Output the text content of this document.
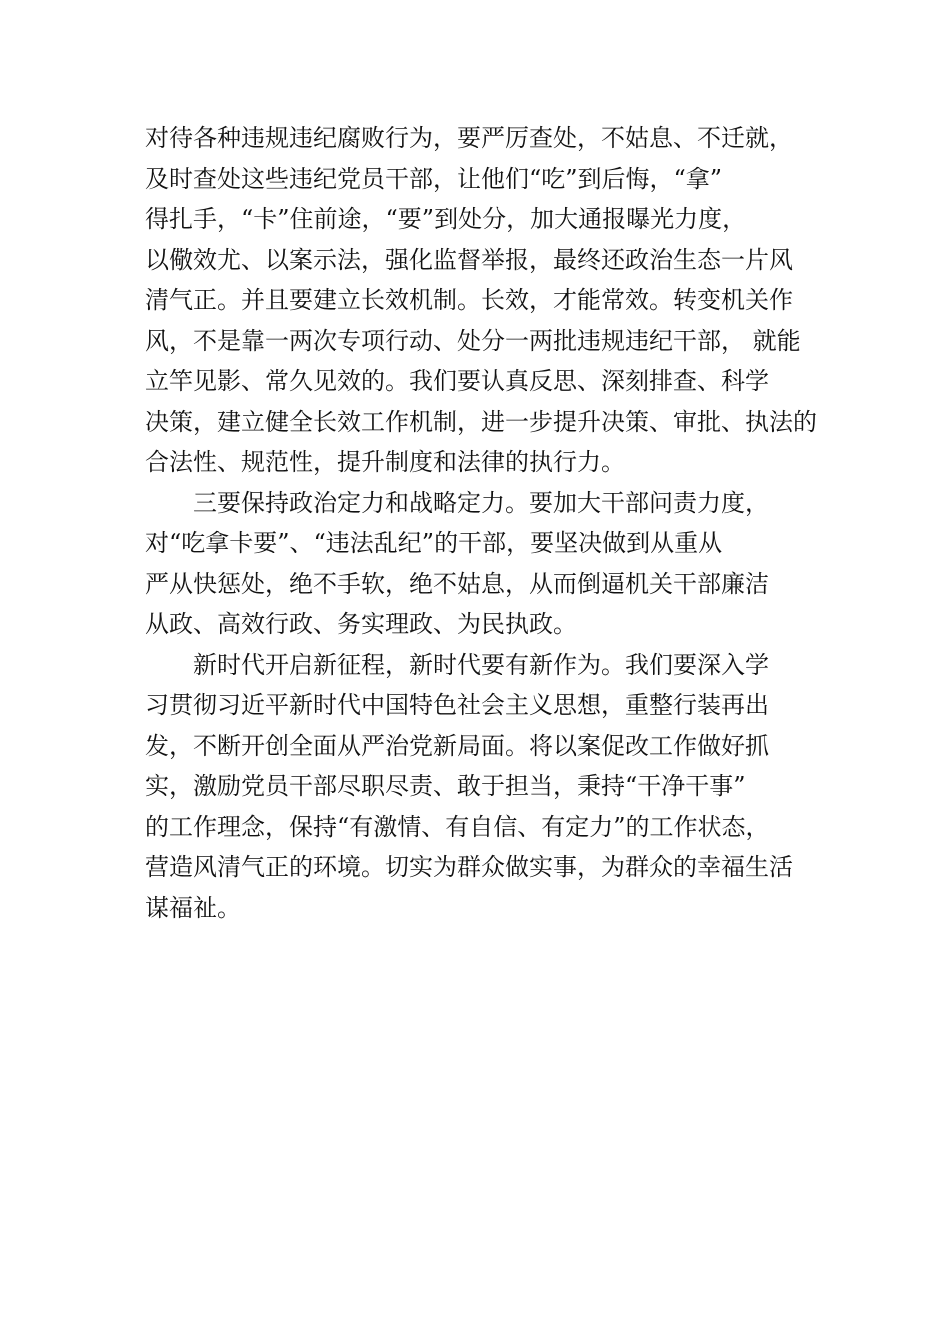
对待各种违规违纪腐败行为，要严厉查处，不姑息、不迁就，
及时查处这些违纪党员干部，让他们“吃”到后悔，“拿”
得扎手，“卡”住前途，“要”到处分，加大通报曝光力度，
以儆效尤、以案示法，强化监督举报，最终还政治生态一片风
清气正。并且要建立长效机制。长效，才能常效。转变机关作
风，不是靠一两次专项行动、处分一两批违规违纪干部， 就能
立竿见影、常久见效的。我们要认真反思、深刻排查、科学
决策，建立健全长效工作机制，进一步提升决策、审批、执法的
合法性、规范性，提升制度和法律的执行力。
三要保持政治定力和战略定力。要加大干部问责力度，
对“吃拿卡要”、“违法乱纪”的干部，要坚决做到从重从
严从快惩处，绝不手软，绝不姑息，从而倒逼机关干部廉洁
从政、高效行政、务实理政、为民执政。
新时代开启新征程，新时代要有新作为。我们要深入学
习贯彻习近平新时代中国特色社会主义思想，重整行装再出
发，不断开创全面从严治党新局面。将以案促改工作做好抓
实，激励党员干部尽职尽责、敢于担当，秉持“干净干事”
的工作理念，保持“有激情、有自信、有定力”的工作状态，
营造风清气正的环境。切实为群众做实事，为群众的幸福生活
谋福祉。
